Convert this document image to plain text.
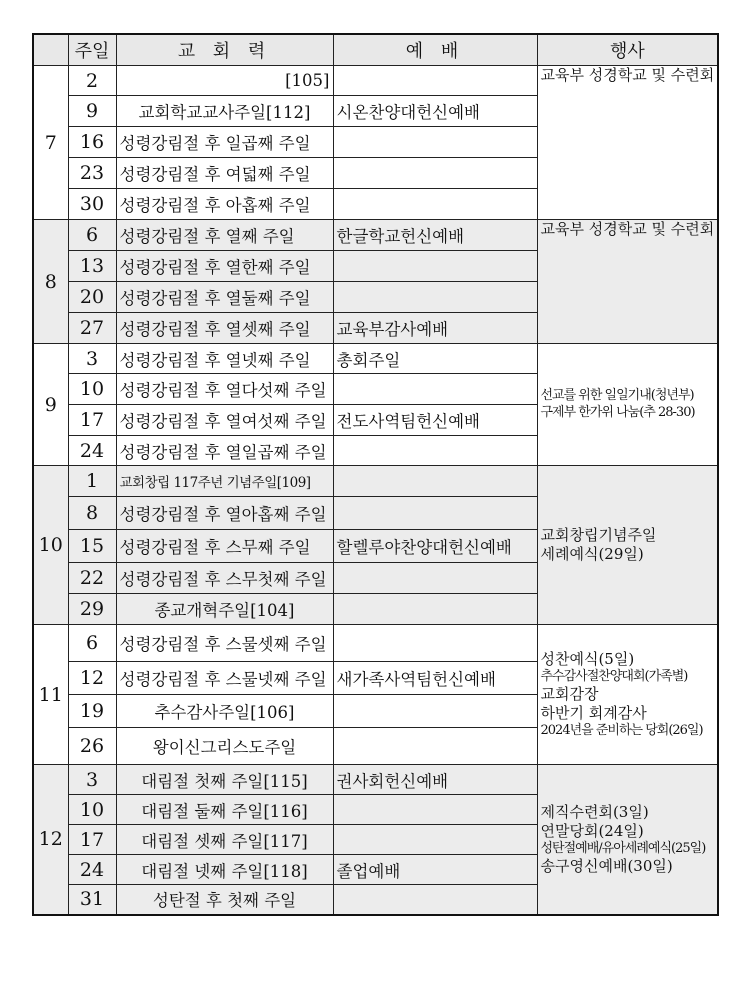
	주일	교 회 력	예 배	행사
7	2	[105]		교육부 성경학교 및 수련회

	9	교회학교교사주일[112]	시온찬양대헌신예배	
	16	성령강림절 후 일곱째 주일		
	23	성령강림절 후 여덟째 주일		
	30	성령강림절 후 아홉째 주일		
8	6	성령강림절 후 열째 주일	한글학교헌신예배	교육부 성경학교 및 수련회

	13	성령강림절 후 열한째 주일		
	20	성령강림절 후 열둘째 주일		
	27	성령강림절 후 열셋째 주일	교육부감사예배	
9	3	성령강림절 후 열넷째 주일	총회주일	선교를 위한 일일기내(청년부)
구제부 한가위 나눔(추 28-30)

	10	성령강림절 후 열다섯째 주일		
	17	성령강림절 후 열여섯째 주일	전도사역팀헌신예배	
	24	성령강림절 후 열일곱째 주일		
10	1	교회창립 117주년 기념주일[109]		교회창립기념주일
세례예식(29일)

	8	성령강림절 후 열아홉째 주일		
	15	성령강림절 후 스무째 주일	할렐루야찬양대헌신예배	
	22	성령강림절 후 스무첫째 주일		
	29	종교개혁주일[104]		
11	6	성령강림절 후 스물셋째 주일		성찬예식(5일)
추수감사절찬양대회(가족별)
교회감장
하반기 회계감사
2024년을 준비하는 당회(26일)

	12	성령강림절 후 스물넷째 주일	새가족사역팀헌신예배	
	19	추수감사주일[106]		
	26	왕이신그리스도주일		
12	3	대림절 첫째 주일[115]	권사회헌신예배	제직수련회(3일)
연말당회(24일)
성탄절예배/유아세례예식(25일)
송구영신예배(30일)

	10	대림절 둘째 주일[116]		
	17	대림절 셋째 주일[117]		
	24	대림절 넷째 주일[118]	졸업예배	
	31	성탄절 후 첫째 주일		
